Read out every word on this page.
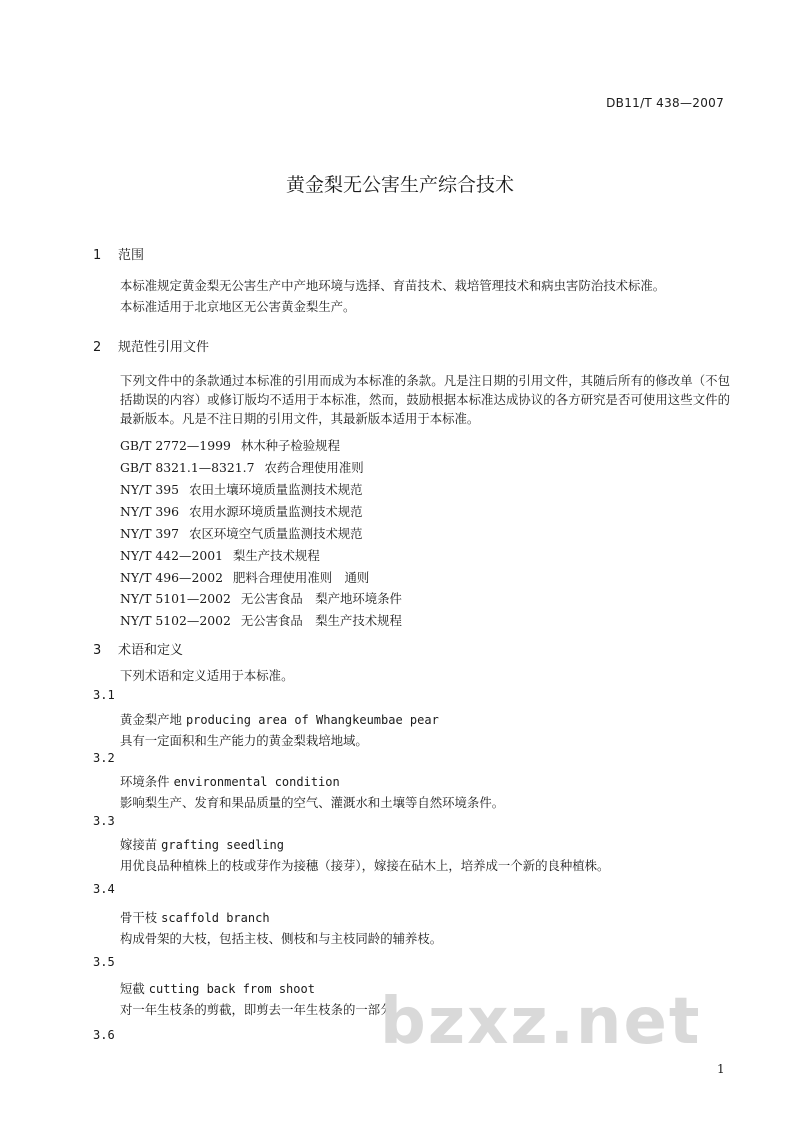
DB11/T 438—2007
黄金梨无公害生产综合技术
1 范围
本标准规定黄金梨无公害生产中产地环境与选择、育苗技术、栽培管理技术和病虫害防治技术标准。
本标准适用于北京地区无公害黄金梨生产。
2 规范性引用文件
下列文件中的条款通过本标准的引用而成为本标准的条款。凡是注日期的引用文件，其随后所有的修改单（不包括勘误的内容）或修订版均不适用于本标准，然而，鼓励根据本标准达成协议的各方研究是否可使用这些文件的最新版本。凡是不注日期的引用文件，其最新版本适用于本标准。
GB/T 2772—1999 林木种子检验规程
GB/T 8321.1—8321.7 农药合理使用准则
NY/T 395 农田土壤环境质量监测技术规范
NY/T 396 农用水源环境质量监测技术规范
NY/T 397 农区环境空气质量监测技术规范
NY/T 442—2001 梨生产技术规程
NY/T 496—2002 肥料合理使用准则　通则
NY/T 5101—2002 无公害食品　梨产地环境条件
NY/T 5102—2002 无公害食品　梨生产技术规程
3 术语和定义
下列术语和定义适用于本标准。
3.1
黄金梨产地 producing area of Whangkeumbae pear
具有一定面积和生产能力的黄金梨栽培地域。
3.2
环境条件 environmental condition
影响梨生产、发育和果品质量的空气、灌溉水和土壤等自然环境条件。
3.3
嫁接苗 grafting seedling
用优良品种植株上的枝或芽作为接穗（接芽），嫁接在砧木上，培养成一个新的良种植株。
3.4
骨干枝 scaffold branch
构成骨架的大枝，包括主枝、侧枝和与主枝同龄的辅养枝。
3.5
短截 cutting back from shoot
对一年生枝条的剪截，即剪去一年生枝条的一部分。
3.6	bzxz.net
1
